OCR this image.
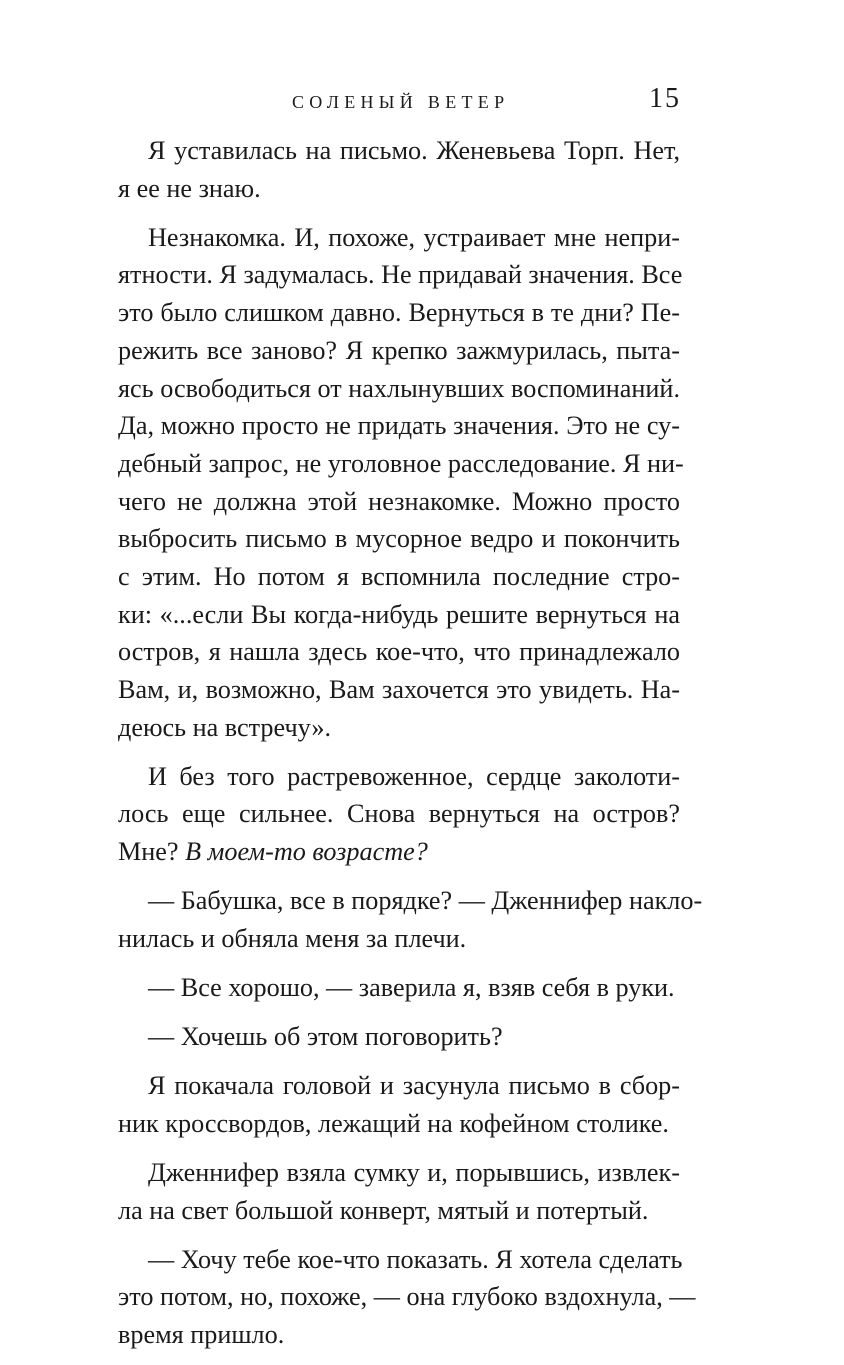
СОЛЕНЫЙ ВЕТЕР	15

Я уставилась на письмо. Женевьева Торп. Нет,
я ее не знаю.

Незнакомка. И, похоже, устраивает мне непри-
ятности. Я задумалась. Не придавай значения. Все
это было слишком давно. Вернуться в те дни? Пе-
режить все заново? Я крепко зажмурилась, пыта-
ясь освободиться от нахлынувших воспоминаний.
Да, можно просто не придать значения. Это не су-
дебный запрос, не уголовное расследование. Я ни-
чего не должна этой незнакомке. Можно просто
выбросить письмо в мусорное ведро и покончить
с этим. Но потом я вспомнила последние стро-
ки: «...если Вы когда-нибудь решите вернуться на
остров, я нашла здесь кое-что, что принадлежало
Вам, и, возможно, Вам захочется это увидеть. На-
деюсь на встречу».

И без того растревоженное, сердце заколоти-
лось еще сильнее. Снова вернуться на остров?
Мне? В моем-то возрасте?

— Бабушка, все в порядке? — Дженнифер накло-
нилась и обняла меня за плечи.

— Все хорошо, — заверила я, взяв себя в руки.

— Хочешь об этом поговорить?

Я покачала головой и засунула письмо в сбор-
ник кроссвордов, лежащий на кофейном столике.

Дженнифер взяла сумку и, порывшись, извлек-
ла на свет большой конверт, мятый и потертый.

— Хочу тебе кое-что показать. Я хотела сделать
это потом, но, похоже, — она глубоко вздохнула, —
время пришло.
